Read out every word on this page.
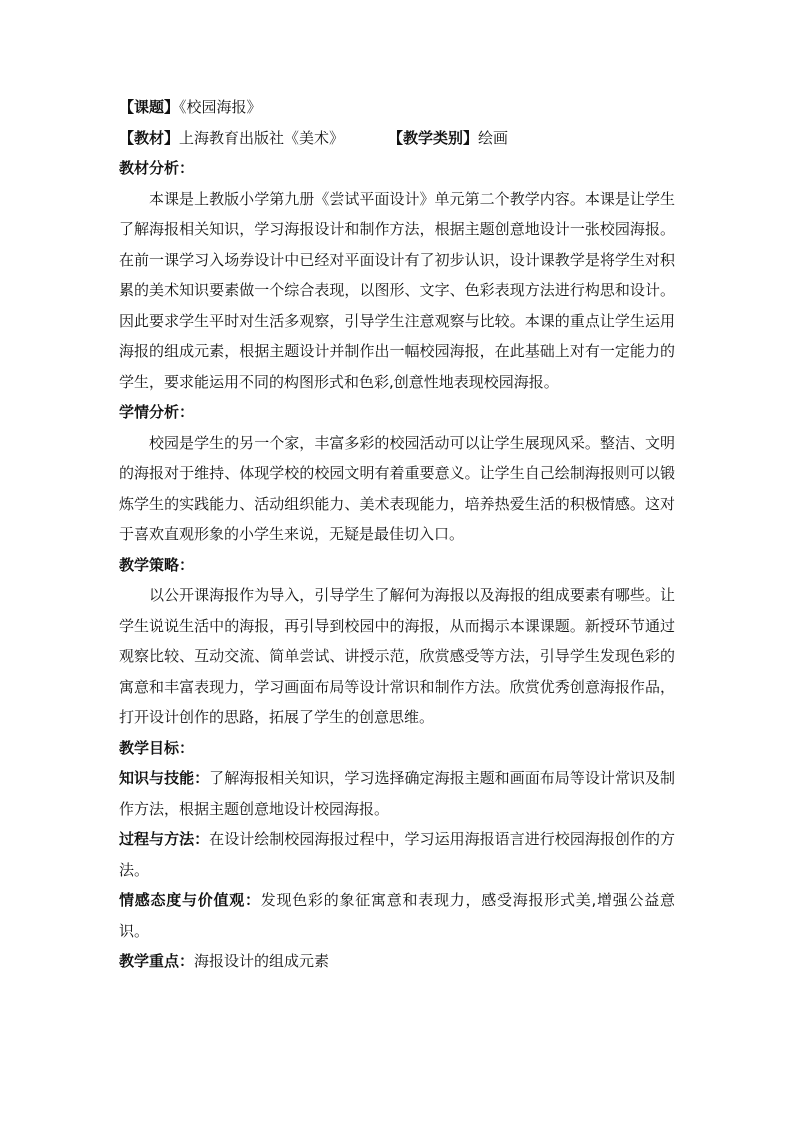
【课题】《校园海报》
【教材】上海教育出版社《美术》	【教学类别】绘画
教材分析：

本课是上教版小学第九册《尝试平面设计》单元第二个教学内容。本课是让学生了解海报相关知识，学习海报设计和制作方法，根据主题创意地设计一张校园海报。在前一课学习入场券设计中已经对平面设计有了初步认识，设计课教学是将学生对积累的美术知识要素做一个综合表现，以图形、文字、色彩表现方法进行构思和设计。因此要求学生平时对生活多观察，引导学生注意观察与比较。本课的重点让学生运用海报的组成元素，根据主题设计并制作出一幅校园海报，在此基础上对有一定能力的学生，要求能运用不同的构图形式和色彩,创意性地表现校园海报。

学情分析：

校园是学生的另一个家，丰富多彩的校园活动可以让学生展现风采。整洁、文明的海报对于维持、体现学校的校园文明有着重要意义。让学生自己绘制海报则可以锻炼学生的实践能力、活动组织能力、美术表现能力，培养热爱生活的积极情感。这对于喜欢直观形象的小学生来说，无疑是最佳切入口。

教学策略：

以公开课海报作为导入，引导学生了解何为海报以及海报的组成要素有哪些。让学生说说生活中的海报，再引导到校园中的海报，从而揭示本课课题。新授环节通过观察比较、互动交流、简单尝试、讲授示范，欣赏感受等方法，引导学生发现色彩的寓意和丰富表现力，学习画面布局等设计常识和制作方法。欣赏优秀创意海报作品，打开设计创作的思路，拓展了学生的创意思维。

教学目标：

知识与技能：了解海报相关知识，学习选择确定海报主题和画面布局等设计常识及制作方法，根据主题创意地设计校园海报。

过程与方法：在设计绘制校园海报过程中，学习运用海报语言进行校园海报创作的方法。

情感态度与价值观：发现色彩的象征寓意和表现力，感受海报形式美,增强公益意识。

教学重点：海报设计的组成元素
